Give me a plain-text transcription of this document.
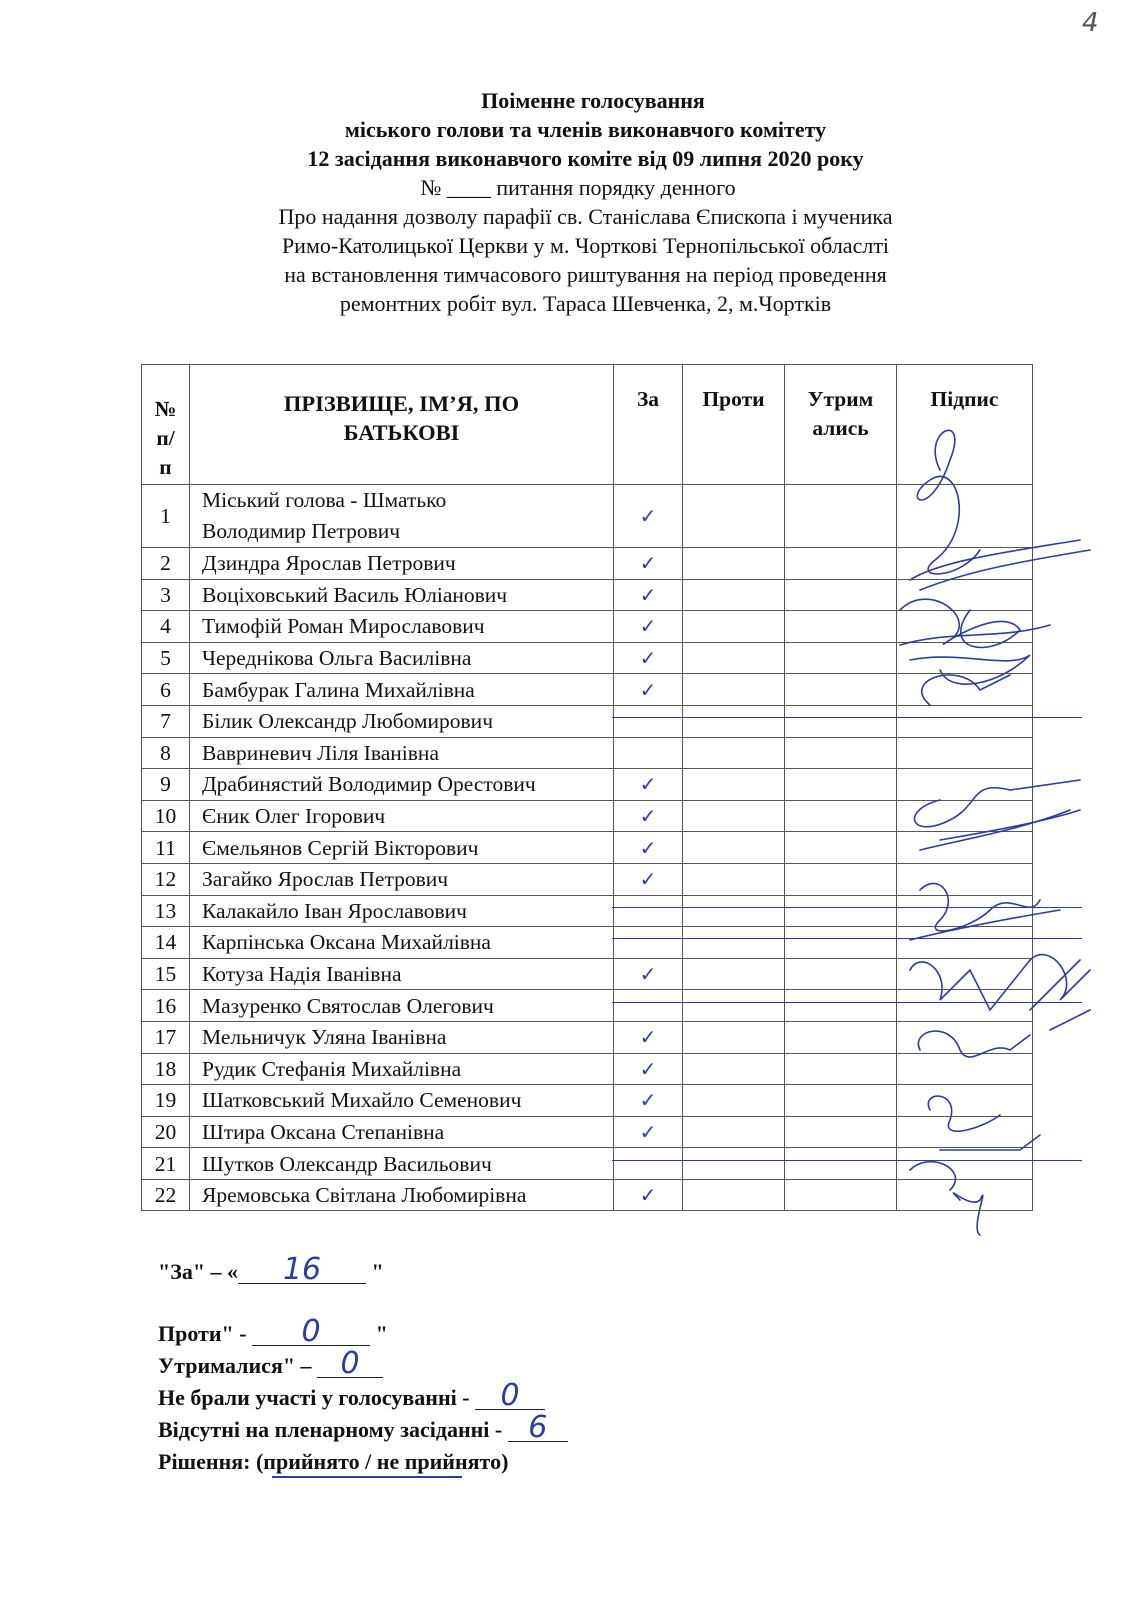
4
Поіменне голосування
міського голови та членів виконавчого комітету
12 засідання виконавчого коміте від 09 липня 2020 року
№ ____ питання порядку денного
Про надання дозволу парафії св. Станіслава Єпископа і мученика
Римо-Католицької Церкви у м. Чорткові Тернопільської обласлті
на встановлення тимчасового риштування на період проведення
ремонтних робіт вул. Тараса Шевченка, 2, м.Чортків
№ п/ п	ПРІЗВИЩЕ, ІМ’Я, ПО БАТЬКОВІ	За	Проти	Утрим ались	Підпис
1	Міський голова - Шматько Володимир Петрович	✓			
2	Дзиндра Ярослав Петрович	✓			
3	Воціховський Василь Юліанович	✓			
4	Тимофій Роман Мирославович	✓			
5	Череднікова Ольга Василівна	✓			
6	Бамбурак Галина Михайлівна	✓			
7	Білик Олександр Любомирович				
8	Вавриневич Ліля Іванівна				
9	Драбинястий Володимир Орестович	✓			
10	Єник Олег Ігорович	✓			
11	Ємельянов Сергій Вікторович	✓			
12	Загайко Ярослав Петрович	✓			
13	Калакайло Іван Ярославович				
14	Карпінська Оксана Михайлівна				
15	Котуза Надія Іванівна	✓			
16	Мазуренко Святослав Олегович				
17	Мельничук Уляна Іванівна	✓			
18	Рудик Стефанія Михайлівна	✓			
19	Шатковський Михайло Семенович	✓			
20	Штира Оксана Степанівна	✓			
21	Шутков Олександр Васильович				
22	Яремовська Світлана Любомирівна	✓			
"За" – « 16 "
Проти" - 0 "
Утрималися" – 0
Не брали участі у голосуванні - 0
Відсутні на пленарному засіданні - 6
Рішення: (прийнято / не прийнято)
